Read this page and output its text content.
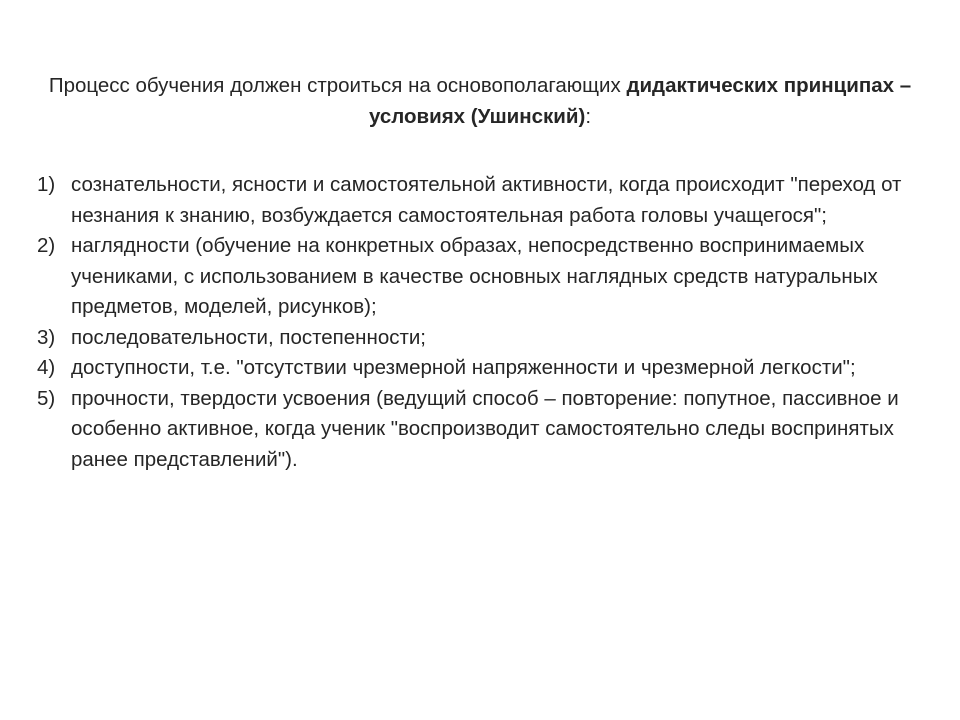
Процесс обучения должен строиться на основополагающих дидактических принципах – условиях (Ушинский):

1) сознательности, ясности и самостоятельной активности, когда происходит "переход от незнания к знанию, возбуждается самостоятельная работа головы учащегося";
2) наглядности (обучение на конкретных образах, непосредственно воспринимаемых учениками, с использованием в качестве основных наглядных средств натуральных предметов, моделей, рисунков);
3) последовательности, постепенности;
4) доступности, т.е. "отсутствии чрезмерной напряженности и чрезмерной легкости";
5) прочности, твердости усвоения (ведущий способ – повторение: попутное, пассивное и особенно активное, когда ученик "воспроизводит самостоятельно следы воспринятых ранее представлений").
